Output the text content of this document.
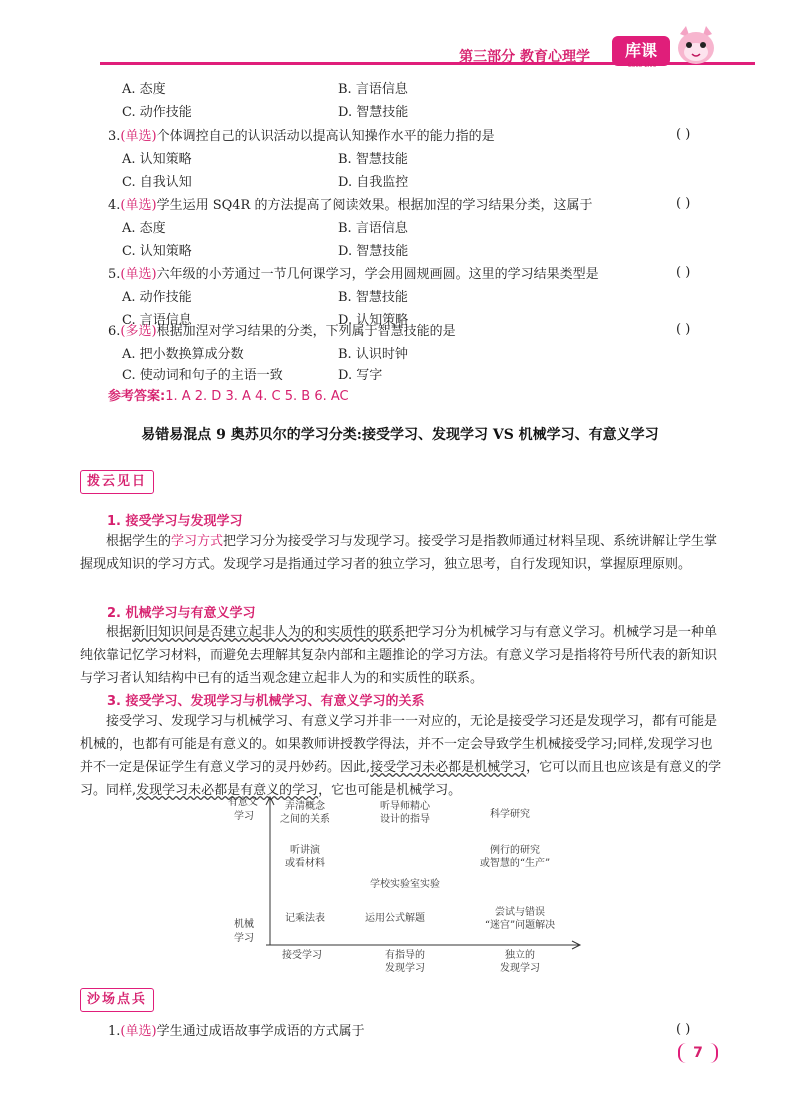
第三部分 教育心理学	库课
Coco Live
A. 态度	B. 言语信息
C. 动作技能	D. 智慧技能
3.(单选)个体调控自己的认识活动以提高认知操作水平的能力指的是	( )
A. 认知策略	B. 智慧技能
C. 自我认知	D. 自我监控
4.(单选)学生运用 SQ4R 的方法提高了阅读效果。根据加涅的学习结果分类，这属于	( )
A. 态度	B. 言语信息
C. 认知策略	D. 智慧技能
5.(单选)六年级的小芳通过一节几何课学习，学会用圆规画圆。这里的学习结果类型是	( )
A. 动作技能	B. 智慧技能
C. 言语信息	D. 认知策略
6.(多选)根据加涅对学习结果的分类，下列属于智慧技能的是	( )
A. 把小数换算成分数	B. 认识时钟
C. 使动词和句子的主语一致	D. 写字
参考答案:1. A 2. D 3. A 4. C 5. B 6. AC
易错易混点 9 奥苏贝尔的学习分类:接受学习、发现学习 VS 机械学习、有意义学习
拨云见日
1. 接受学习与发现学习
根据学生的学习方式把学习分为接受学习与发现学习。接受学习是指教师通过材料呈现、系统讲解让学生掌握现成知识的学习方式。发现学习是指通过学习者的独立学习，独立思考，自行发现知识，掌握原理原则。
2. 机械学习与有意义学习
根据新旧知识间是否建立起非人为的和实质性的联系把学习分为机械学习与有意义学习。机械学习是一种单纯依靠记忆学习材料，而避免去理解其复杂内部和主题推论的学习方法。有意义学习是指将符号所代表的新知识与学习者认知结构中已有的适当观念建立起非人为的和实质性的联系。
3. 接受学习、发现学习与机械学习、有意义学习的关系
接受学习、发现学习与机械学习、有意义学习并非一一对应的，无论是接受学习还是发现学习，都有可能是机械的，也都有可能是有意义的。如果教师讲授教学得法，并不一定会导致学生机械接受学习;同样,发现学习也并不一定是保证学生有意义学习的灵丹妙药。因此,接受学习未必都是机械学习，它可以而且也应该是有意义的学习。同样,发现学习未必都是有意义的学习，它也可能是机械学习。
有意义
学习
机械
学习
接受学习	有指导的
发现学习
独立的
发现学习
弄清概念
之间的关系
听导师精心
设计的指导	科学研究
听讲演
或看材料
例行的研究
或智慧的“生产”
学校实验室实验
记乘法表	运用公式解题
尝试与错误
“迷宫”问题解决
沙场点兵
1.(单选)学生通过成语故事学成语的方式属于	( )
7
